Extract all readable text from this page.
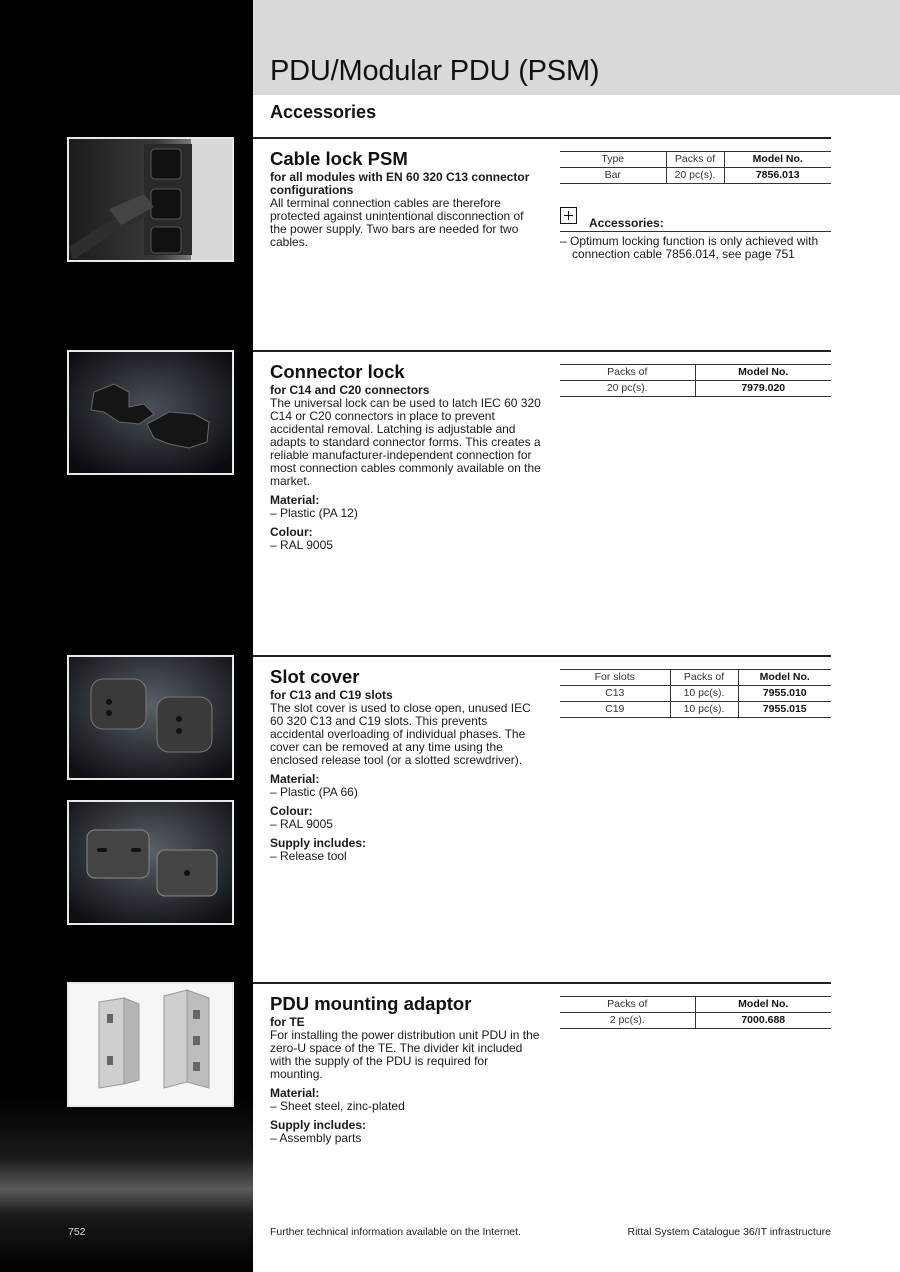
PDU/Modular PDU (PSM)
Accessories
Cable lock PSM

for all modules with EN 60 320 C13 connector configurations

All terminal connection cables are therefore protected against unintentional disconnection of the power supply. Two bars are needed for two cables.

Type	Packs of	Model No.
Bar	20 pc(s).	7856.013

Accessories:

– Optimum locking function is only achieved with connection cable 7856.014, see page 751

Connector lock

for C14 and C20 connectors

The universal lock can be used to latch IEC 60 320 C14 or C20 connectors in place to prevent accidental removal. Latching is adjustable and adapts to standard connector forms. This creates a reliable manufacturer-independent connection for most connection cables commonly available on the market.

Material:

– Plastic (PA 12)

Colour:

– RAL 9005

Packs of	Model No.
20 pc(s).	7979.020
Slot cover

for C13 and C19 slots

The slot cover is used to close open, unused IEC 60 320 C13 and C19 slots. This prevents accidental overloading of individual phases. The cover can be removed at any time using the enclosed release tool (or a slotted screwdriver).

Material:

– Plastic (PA 66)

Colour:

– RAL 9005

Supply includes:

– Release tool

For slots	Packs of	Model No.
C13	10 pc(s).	7955.010
C19	10 pc(s).	7955.015
PDU mounting adaptor

for TE

For installing the power distribution unit PDU in the zero-U space of the TE. The divider kit included with the supply of the PDU is required for mounting.

Material:

– Sheet steel, zinc-plated

Supply includes:

– Assembly parts

Packs of	Model No.
2 pc(s).	7000.688

752	Further technical information available on the Internet.	Rittal System Catalogue 36/IT infrastructure
